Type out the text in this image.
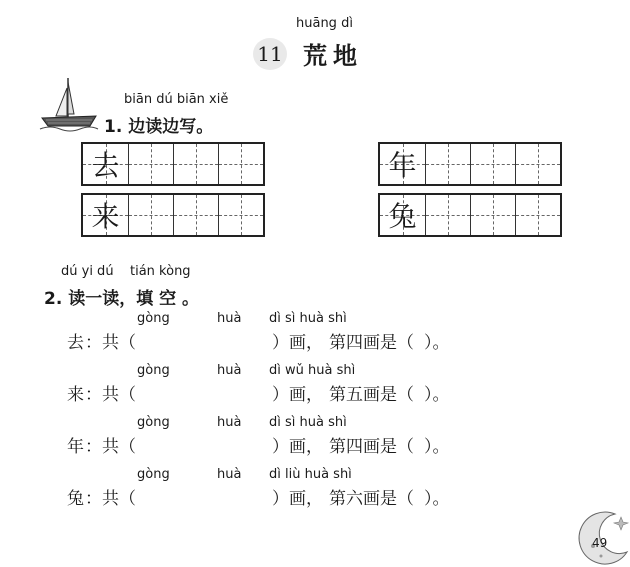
huāng dì
11 荒地
biān dú biān xiě
1. 边读边写。
去
来
年
兔
dú yi dú tián kòng
2. 读一读，填 空 。
gòng	huà dì sì huà shì
去 ：共（	）画， 第四画是（ ）。
gòng	huà dì wǔ huà shì
来 ：共（	）画， 第五画是（ ）。
gòng	huà dì sì huà shì
年 ：共（	）画， 第四画是（ ）。
gòng	huà dì liù huà shì
兔 ：共（	）画， 第六画是（ ）。
49
